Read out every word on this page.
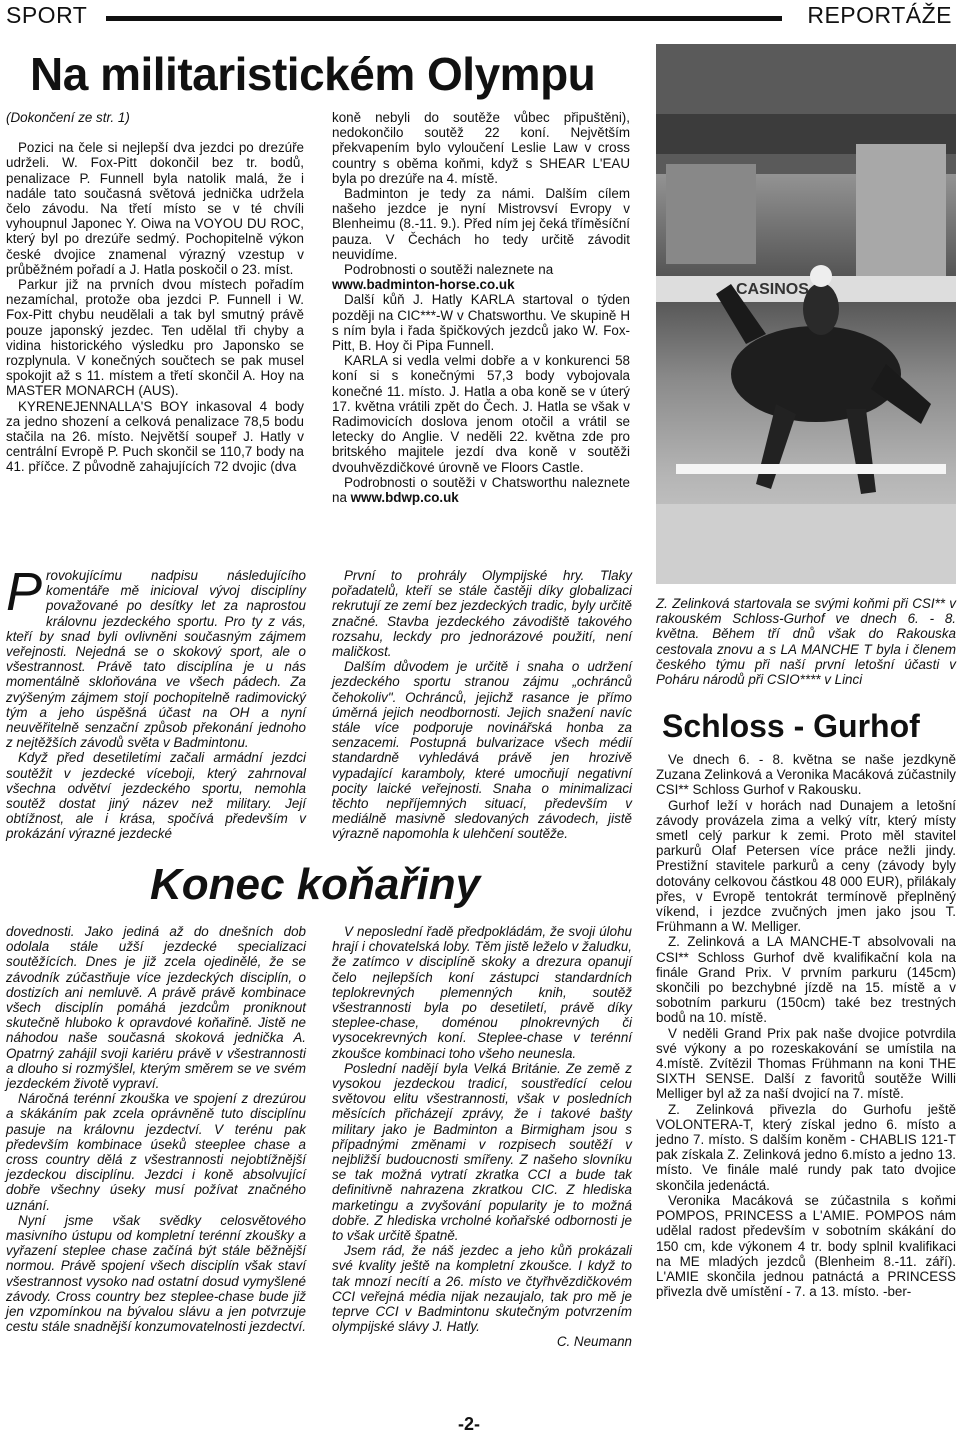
SPORT	REPORTÁŽE
Na militaristickém Olympu

(Dokončení ze str. 1)

Pozici na čele si nejlepší dva jezdci po drezúře udrželi. W. Fox-Pitt dokončil bez tr. bodů, penalizace P. Funnell byla natolik malá, že i nadále tato současná světová jednička udržela čelo závodu. Na třetí místo se v té chvíli vyhoupnul Japonec Y. Oiwa na VOYOU DU ROC, který byl po drezúře sedmý. Pochopitelně výkon české dvojice znamenal výrazný vzestup v průběžném pořadí a J. Hatla poskočil o 23. míst.

Parkur již na prvních dvou místech pořadím nezamíchal, protože oba jezdci P. Funnell i W. Fox-Pitt chybu neudělali a tak byl smutný právě pouze japonský jezdec. Ten udělal tři chyby a vidina historického výsledku pro Japonsko se rozplynula. V konečných součtech se pak musel spokojit až s 11. místem a třetí skončil A. Hoy na MASTER MONARCH (AUS).

KYRENEJENNALLA'S BOY inkasoval 4 body za jedno shození a celková penalizace 78,5 bodu stačila na 26. místo. Největší soupeř J. Hatly v centrální Evropě P. Puch skončil se 110,7 body na 41. příčce. Z původně zahajujících 72 dvojic (dva

koně nebyli do soutěže vůbec připuštěni), nedokončilo soutěž 22 koní. Největším překvapením bylo vyloučení Leslie Law v cross country s oběma koňmi, když s SHEAR L'EAU byla po drezúře na 4. místě.

Badminton je tedy za námi. Dalším cílem našeho jezdce je nyní Mistrovsví Evropy v Blenheimu (8.-11. 9.). Před ním jej čeká tříměsíční pauza. V Čechách ho tedy určitě závodit neuvidíme.

Podrobnosti o soutěži naleznete na
www.badminton-horse.co.uk

Další kůň J. Hatly KARLA startoval o týden později na CIC***-W v Chatsworthu. Ve skupině H s ním byla i řada špičkových jezdců jako W. Fox-Pitt, B. Hoy či Pipa Funnell.

KARLA si vedla velmi dobře a v konkurenci 58 koní si s konečnými 57,3 body vybojovala konečné 11. místo. J. Hatla a oba koně se v úterý 17. května vrátili zpět do Čech. J. Hatla se však v Radimovicích doslova jenom otočil a vrátil se letecky do Anglie. V neděli 22. května zde pro britského majitele jezdí dva koně v soutěži dvouhvězdičkové úrovně ve Floors Castle.

Podrobnosti o soutěži v Chatsworthu naleznete na www.bdwp.co.uk

CASINOS
Z. Zelinková startovala se svými koňmi při CSI** v rakouském Schloss-Gurhof ve dnech 6. - 8. května. Během tří dnů však do Rakouska cestovala znovu a s LA MANCHE T byla i členem českého týmu při naší první letošní účasti v Poháru národů při CSIO**** v Linci
Schloss - Gurhof

Ve dnech 6. - 8. května se naše jezdkyně Zuzana Zelinková a Veronika Macáková zúčastnily CSI** Schloss Gurhof v Rakousku.

Gurhof leží v horách nad Dunajem a letošní závody provázela zima a velký vítr, který místy smetl celý parkur k zemi. Proto měl stavitel parkurů Olaf Petersen více práce nežli jindy. Prestižní stavitele parkurů a ceny (závody byly dotovány celkovou částkou 48 000 EUR), přilákaly přes, v Evropě tentokrát termínově přeplněný víkend, i jezdce zvučných jmen jako jsou T. Frühmann a W. Melliger.

Z. Zelinková a LA MANCHE-T absolvovali na CSI** Schloss Gurhof dvě kvalifikační kola na finále Grand Prix. V prvním parkuru (145cm) skončili po bezchybné jízdě na 15. místě a v sobotním parkuru (150cm) také bez trestných bodů na 10. místě.

V neděli Grand Prix pak naše dvojice potvrdila své výkony a po rozeskakování se umístila na 4.místě. Zvítězil Thomas Frühmann na koni THE SIXTH SENSE. Další z favoritů soutěže Willi Melliger byl až za naší dvojicí na 7. místě.

Z. Zelinková přivezla do Gurhofu ještě VOLONTERA-T, který získal jedno 6. místo a jedno 7. místo. S dalším koněm - CHABLIS 121-T pak získala Z. Zelinková jedno 6.místo a jedno 13. místo. Ve finále malé rundy pak tato dvojice skončila jedenáctá.

Veronika Macáková se zúčastnila s koňmi POMPOS, PRINCESS a L'AMIE. POMPOS nám udělal radost především v sobotním skákání do 150 cm, kde výkonem 4 tr. body splnil kvalifikaci na ME mladých jezdců (Blenheim 8.-11. září). L'AMIE skončila jednou patnáctá a PRINCESS přivezla dvě umístění - 7. a 13. místo. -ber-

Provokujícímu nadpisu následujícího komentáře mě inicioval vývoj disciplíny považované po desítky let za naprostou královnu jezdeckého sportu. Pro ty z vás, kteří by snad byli ovlivněni současným zájmem veřejnosti. Nejedná se o skokový sport, ale o všestrannost. Právě tato disciplína je u nás momentálně skloňována ve všech pádech. Za zvýšeným zájmem stojí pochopitelně radimovický tým a jeho úspěšná účast na OH a nyní neuvěřitelně senzační způsob překonání jednoho z nejtěžších závodů světa v Badmintonu.

Když před desetiletími začali armádní jezdci soutěžit v jezdecké víceboji, který zahrnoval všechna odvětví jezdeckého sportu, nemohla soutěž dostat jiný název než military. Její obtížnost, ale i krása, spočívá především v prokázání výrazné jezdecké

První to prohrály Olympijské hry. Tlaky pořadatelů, kteří se stále častěji díky globalizaci rekrutují ze zemí bez jezdeckých tradic, byly určitě značné. Stavba jezdeckého závodiště takového rozsahu, leckdy pro jednorázové použití, není maličkost.

Dalším důvodem je určitě i snaha o udržení jezdeckého sportu stranou zájmu „ochránců čehokoliv". Ochránců, jejichž rasance je přímo úměrná jejich neodbornosti. Jejich snažení navíc stále více podporuje novinářská honba za senzacemi. Postupná bulvarizace všech médií standardně vyhledává právě jen hrozivě vypadající karamboly, které umocňují negativní pocity laické veřejnosti. Snaha o minimalizaci těchto nepříjemných situací, především v mediálně masivně sledovaných závodech, jistě výrazně napomohla k ulehčení soutěže.

Konec koňařiny

dovednosti. Jako jediná až do dnešních dob odolala stále užší jezdecké specializaci soutěžících. Dnes je již zcela ojedinělé, že se závodník zúčastňuje více jezdeckých disciplín, o dostizích ani nemluvě. A právě právě kombinace všech disciplín pomáhá jezdcům proniknout skutečně hluboko k opravdové koňařině. Jistě ne náhodou naše současná skoková jednička A. Opatrný zahájil svoji kariéru právě v všestrannosti a dlouho si rozmýšlel, kterým směrem se ve svém jezdeckém životě vypraví.

Náročná terénní zkouška ve spojení z drezúrou a skákáním pak zcela oprávněně tuto disciplínu pasuje na královnu jezdectví. V terénu pak především kombinace úseků steeplee chase a cross country dělá z všestrannosti nejobtížnější jezdeckou disciplínu. Jezdci i koně absolvující dobře všechny úseky musí požívat značného uznání.

Nyní jsme však svědky celosvětového masivního ústupu od kompletní terénní zkoušky a vyřazení steplee chase začíná být stále běžnější normou. Právě spojení všech disciplín však staví všestrannost vysoko nad ostatní dosud vymyšlené závody. Cross country bez steplee-chase bude již jen vzpomínkou na bývalou slávu a jen potvrzuje cestu stále snadnější konzumovatelnosti jezdectví.

V neposlední řadě předpokládám, že svoji úlohu hrají i chovatelská loby. Těm jistě leželo v žaludku, že zatímco v disciplíně skoky a drezura opanují čelo nejlepších koní zástupci standardních teplokrevných plemenných knih, soutěž všestrannosti byla po desetiletí, právě díky steplee-chase, doménou plnokrevných či vysocekrevných koní. Steplee-chase v terénní zkoušce kombinaci toho všeho neunesla.

Poslední nadějí byla Velká Británie. Ze země z vysokou jezdeckou tradicí, soustředící celou světovou elitu všestrannosti, však v posledních měsících přicházejí zprávy, že i takové bašty military jako je Badminton a Birmigham jsou s případnými změnami v rozpisech soutěží v nejbližší budoucnosti smířeny. Z našeho slovníku se tak možná vytratí zkratka CCI a bude tak definitivně nahrazena zkratkou CIC. Z hlediska marketingu a zvyšování popularity je to možná dobře. Z hlediska vrcholné koňařské odbornosti je to však určitě špatně.

Jsem rád, že náš jezdec a jeho kůň prokázali své kvality ještě na kompletní zkoušce. I když to tak mnozí necítí a 26. místo ve čtyřhvězdičkovém CCI veřejná média nijak nezaujalo, tak pro mě je teprve CCI v Badmintonu skutečným potvrzením olympijské slávy J. Hatly.

C. Neumann

-2-
